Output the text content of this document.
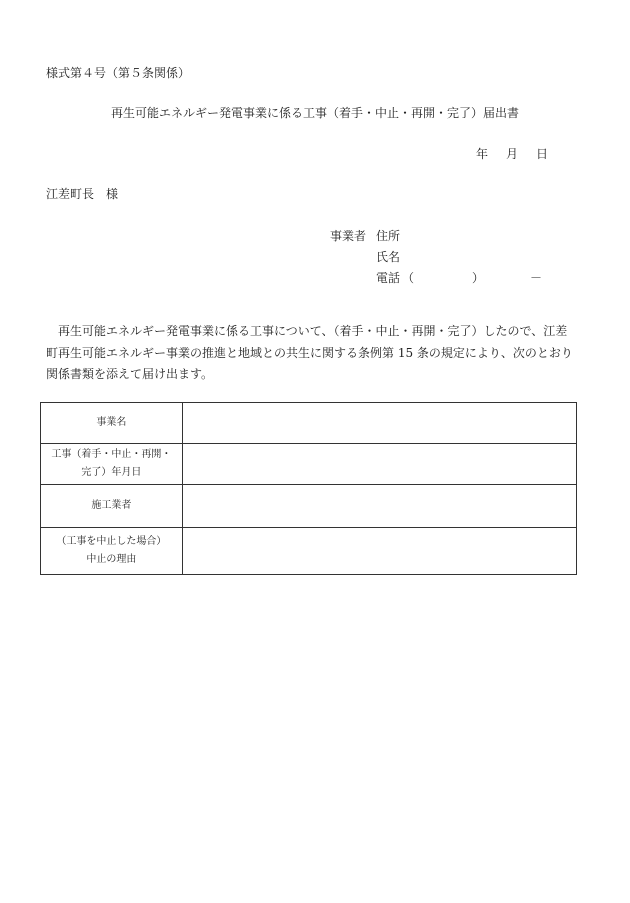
様式第４号（第５条関係）
再生可能エネルギー発電事業に係る工事（着手・中止・再開・完了）届出書
年 月 日
江差町長 様
事業者 住所
氏名
電話 （	）	－
再生可能エネルギー発電事業に係る工事について、（着手・中止・再開・完了）したので、江差町再生可能エネルギー事業の推進と地域との共生に関する条例第 15 条の規定により、次のとおり関係書類を添えて届け出ます。
事業名	

工事（着手・中止・再開・
完了）年月日	

施工業者	

（工事を中止した場合）
中止の理由	
